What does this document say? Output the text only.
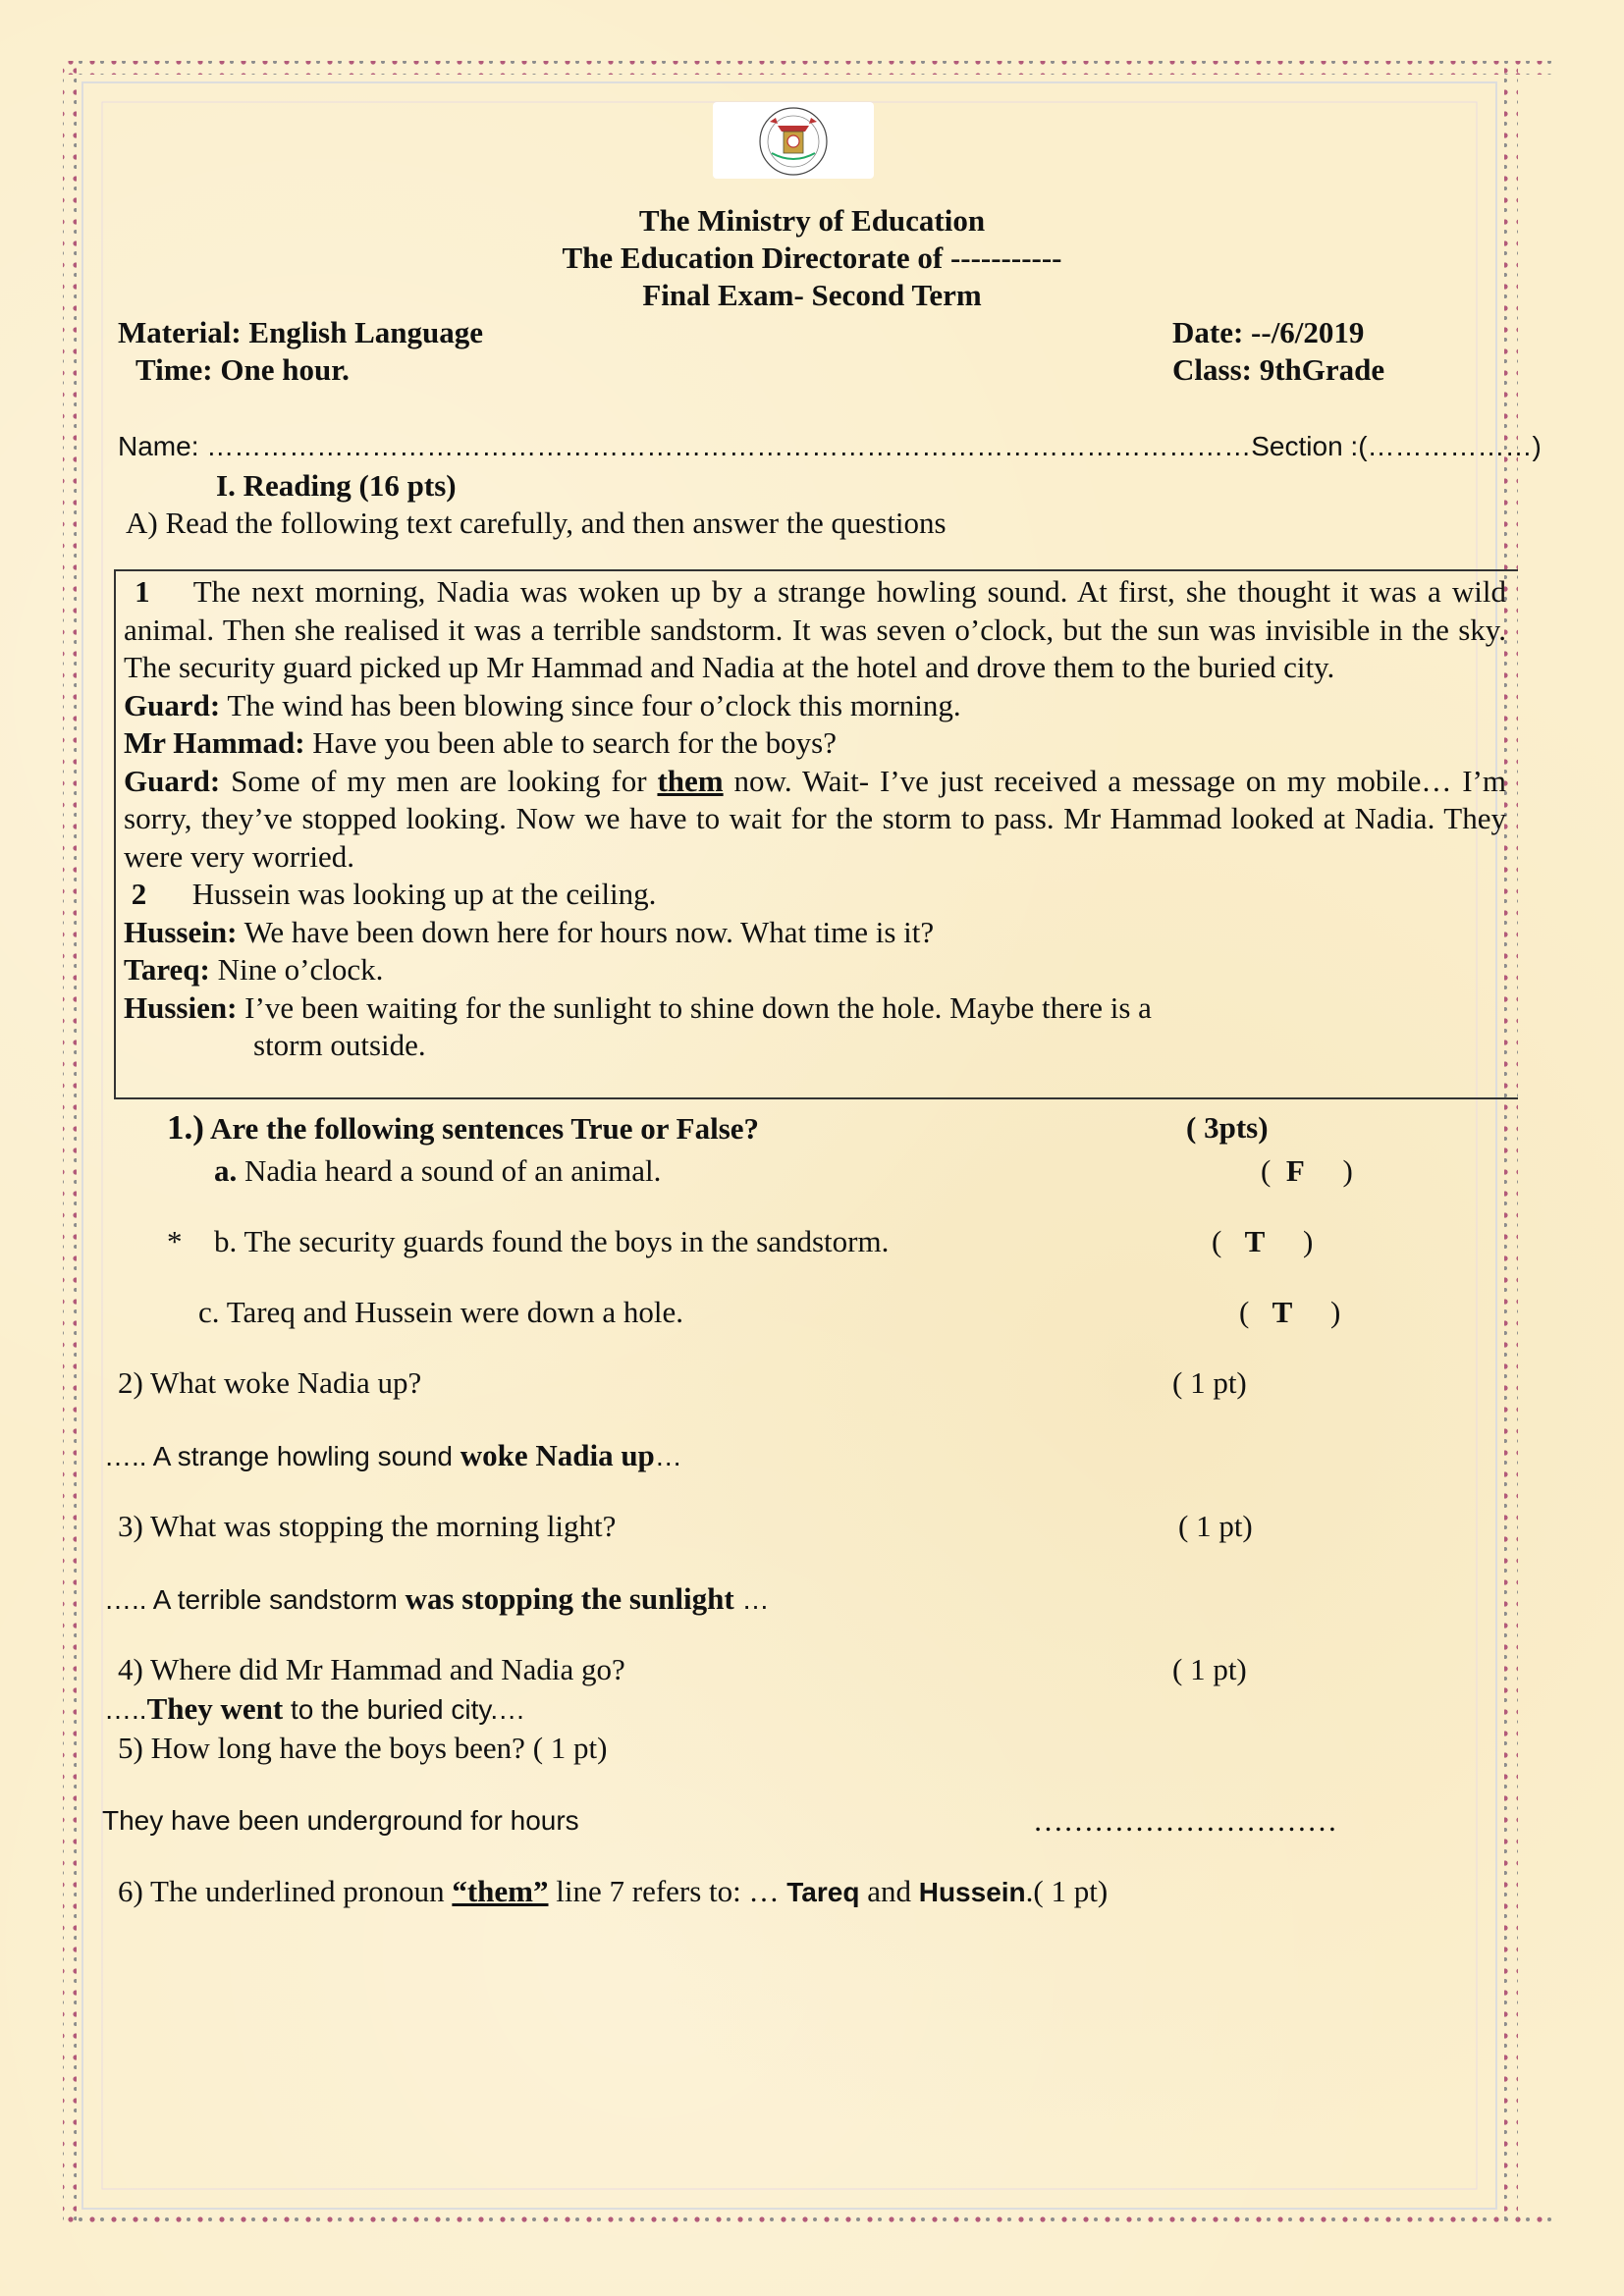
The Ministry of Education
The Education Directorate of -----------
Final Exam- Second Term
Material: English Language	Date: --/6/2019
Time: One hour.	Class: 9thGrade
Name: ……………………………………………………………………………………………………Section :(………………)
I. Reading (16 pts)
A) Read the following text carefully, and then answer the questions

1 The next morning, Nadia was woken up by a strange howling sound. At first, she thought it was a wild animal. Then she realised it was a terrible sandstorm. It was seven o’clock, but the sun was invisible in the sky. The security guard picked up Mr Hammad and Nadia at the hotel and drove them to the buried city.

Guard: The wind has been blowing since four o’clock this morning.

Mr Hammad: Have you been able to search for the boys?

Guard: Some of my men are looking for them now. Wait- I’ve just received a message on my mobile… I’m sorry, they’ve stopped looking. Now we have to wait for the storm to pass. Mr Hammad looked at Nadia. They were very worried.

2 Hussein was looking up at the ceiling.

Hussein: We have been down here for hours now. What time is it?

Tareq: Nine o’clock.

Hussien: I’ve been waiting for the sunlight to shine down the hole. Maybe there is a

storm outside.

1.) Are the following sentences True or False?	( 3pts)
a. Nadia heard a sound of an animal.	(  F     )
* b. The security guards found the boys in the sandstorm.	(   T     )
c. Tareq and Hussein were down a hole.	(   T     )
2) What woke Nadia up?	( 1 pt)
….. A strange howling sound woke Nadia up…
3) What was stopping the morning light?	( 1 pt)
….. A terrible sandstorm was stopping the sunlight …
4) Where did Mr Hammad and Nadia go?	( 1 pt)
…..They went to the buried city.…
5) How long have the boys been? ( 1 pt)
They have been underground for hours	…………………………
6) The underlined pronoun “them” line 7 refers to: … Tareq and Hussein.( 1 pt)
